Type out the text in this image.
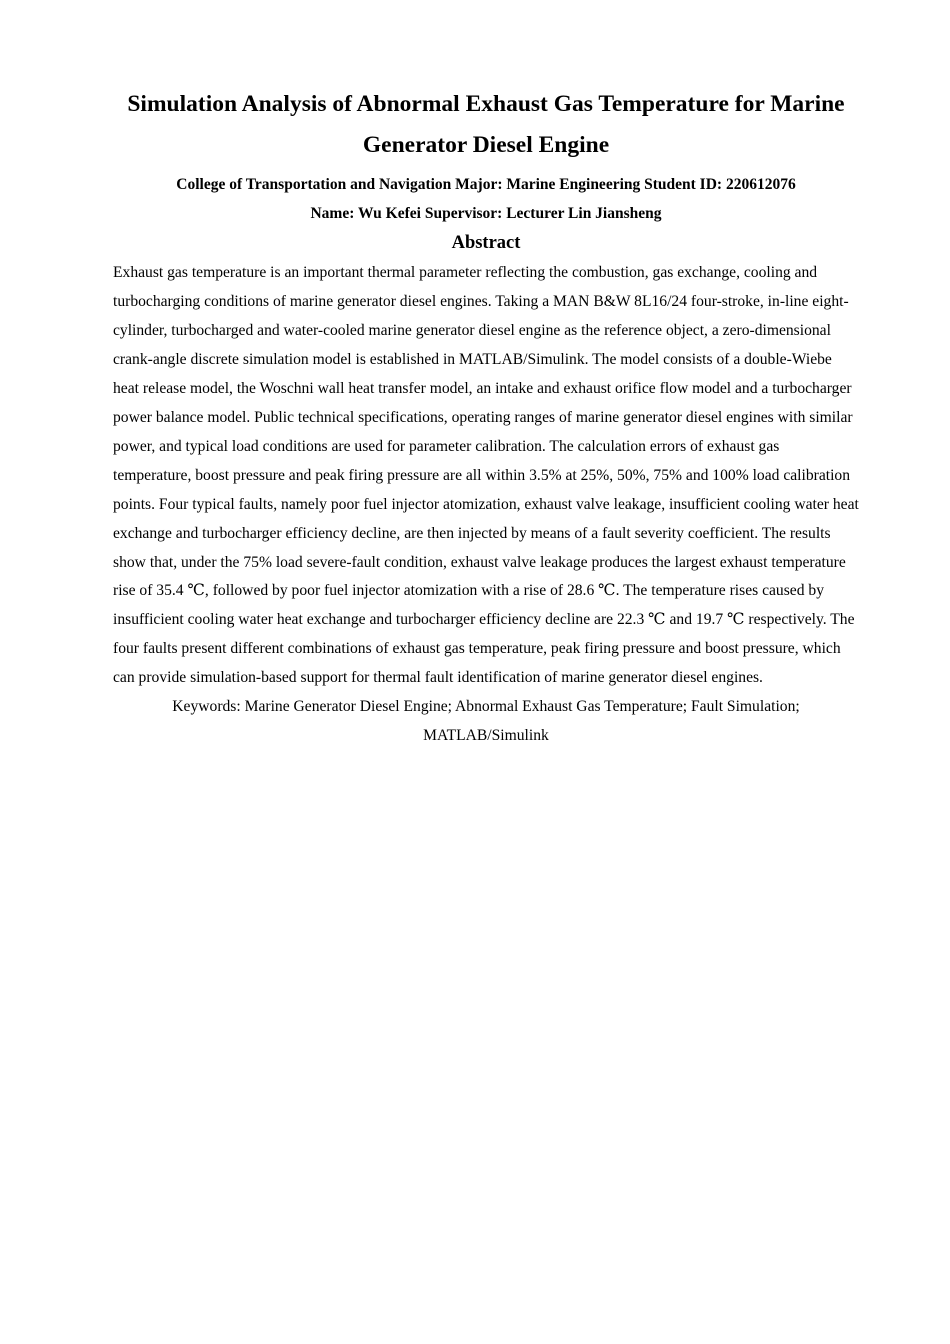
Simulation Analysis of Abnormal Exhaust Gas Temperature for Marine Generator Diesel Engine

College of Transportation and Navigation Major: Marine Engineering Student ID: 220612076

Name: Wu Kefei Supervisor: Lecturer Lin Jiansheng

Abstract

Exhaust gas temperature is an important thermal parameter reflecting the combustion, gas exchange, cooling and turbocharging conditions of marine generator diesel engines. Taking a MAN B&W 8L16/24 four-stroke, in-line eight-cylinder, turbocharged and water-cooled marine generator diesel engine as the reference object, a zero-dimensional crank-angle discrete simulation model is established in MATLAB/Simulink. The model consists of a double-Wiebe heat release model, the Woschni wall heat transfer model, an intake and exhaust orifice flow model and a turbocharger power balance model. Public technical specifications, operating ranges of marine generator diesel engines with similar power, and typical load conditions are used for parameter calibration. The calculation errors of exhaust gas temperature, boost pressure and peak firing pressure are all within 3.5% at 25%, 50%, 75% and 100% load calibration points. Four typical faults, namely poor fuel injector atomization, exhaust valve leakage, insufficient cooling water heat exchange and turbocharger efficiency decline, are then injected by means of a fault severity coefficient. The results show that, under the 75% load severe-fault condition, exhaust valve leakage produces the largest exhaust temperature rise of 35.4 ℃, followed by poor fuel injector atomization with a rise of 28.6 ℃. The temperature rises caused by insufficient cooling water heat exchange and turbocharger efficiency decline are 22.3 ℃ and 19.7 ℃ respectively. The four faults present different combinations of exhaust gas temperature, peak firing pressure and boost pressure, which can provide simulation-based support for thermal fault identification of marine generator diesel engines.

Keywords: Marine Generator Diesel Engine; Abnormal Exhaust Gas Temperature; Fault Simulation; MATLAB/Simulink
